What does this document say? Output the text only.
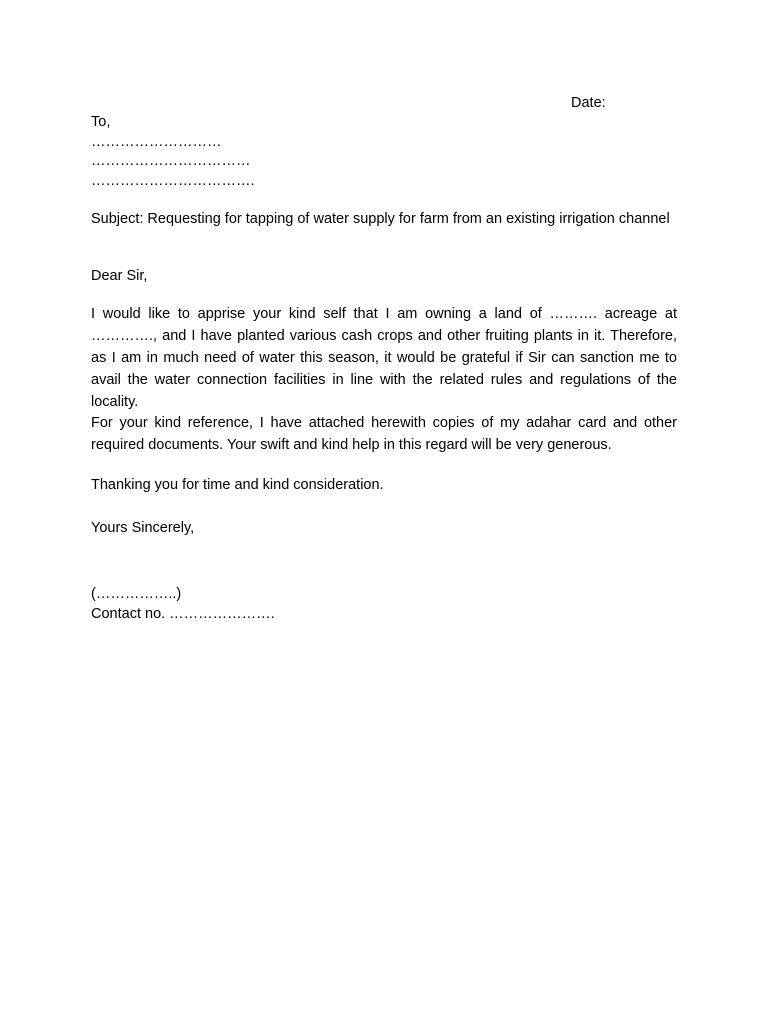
Date:
To,
………………………
……………………………
…………………………….
Subject: Requesting for tapping of water supply for farm from an existing irrigation channel
Dear Sir,
I would like to apprise your kind self that I am owning a land of ………. acreage at …………., and I have planted various cash crops and other fruiting plants in it. Therefore, as I am in much need of water this season, it would be grateful if Sir can sanction me to avail the water connection facilities in line with the related rules and regulations of the locality.
For your kind reference, I have attached herewith copies of my adahar card and other required documents. Your swift and kind help in this regard will be very generous.
Thanking you for time and kind consideration.
Yours Sincerely,
(……………..)
Contact no. ………………….
